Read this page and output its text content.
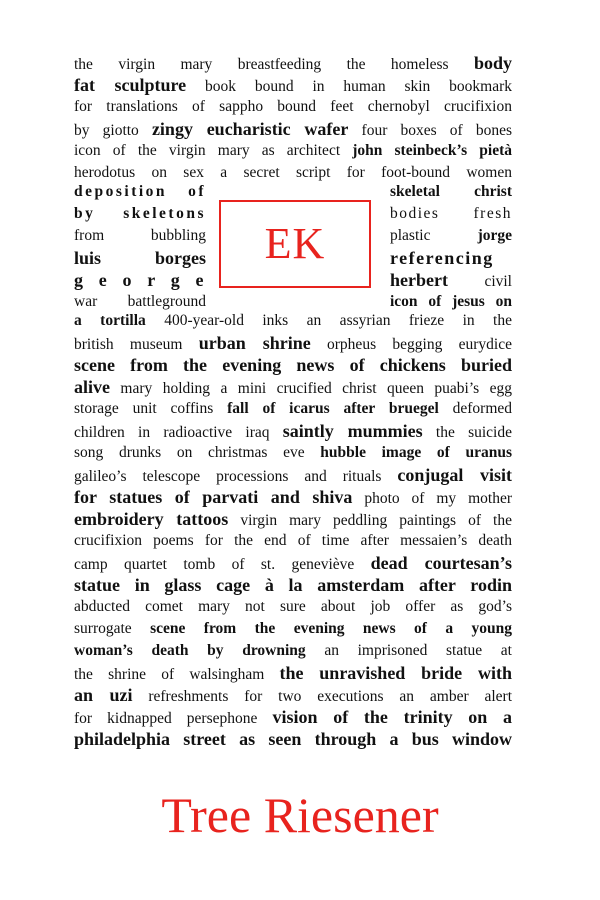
the virgin mary breastfeeding the homeless body
fat sculpture book bound in human skin bookmark
for translations of sappho bound feet chernobyl crucifixion
by giotto zingy eucharistic wafer four boxes of bones
icon of the virgin mary as architect john steinbeck’s pietà
herodotus on sex a secret script for foot-bound women
deposition of
by skeletons
from bubbling
luis borges
g e o r g e
war battleground
EK
skeletal christ
bodies fresh
plastic jorge
referencing
herbert civil
icon of jesus on
a tortilla 400-year-old inks an assyrian frieze in the
british museum urban shrine orpheus begging eurydice
scene from the evening news of chickens buried
alive mary holding a mini crucified christ queen puabi’s egg
storage unit coffins fall of icarus after bruegel deformed
children in radioactive iraq saintly mummies the suicide
song drunks on christmas eve hubble image of uranus
galileo’s telescope processions and rituals conjugal visit
for statues of parvati and shiva photo of my mother
embroidery tattoos virgin mary peddling paintings of the
crucifixion poems for the end of time after messaien’s death
camp quartet tomb of st. geneviève dead courtesan’s
statue in glass cage à la amsterdam after rodin
abducted comet mary not sure about job offer as god’s
surrogate scene from the evening news of a young
woman’s death by drowning an imprisoned statue at
the shrine of walsingham the unravished bride with
an uzi refreshments for two executions an amber alert
for kidnapped persephone vision of the trinity on a
philadelphia street as seen through a bus window
Tree Riesener
